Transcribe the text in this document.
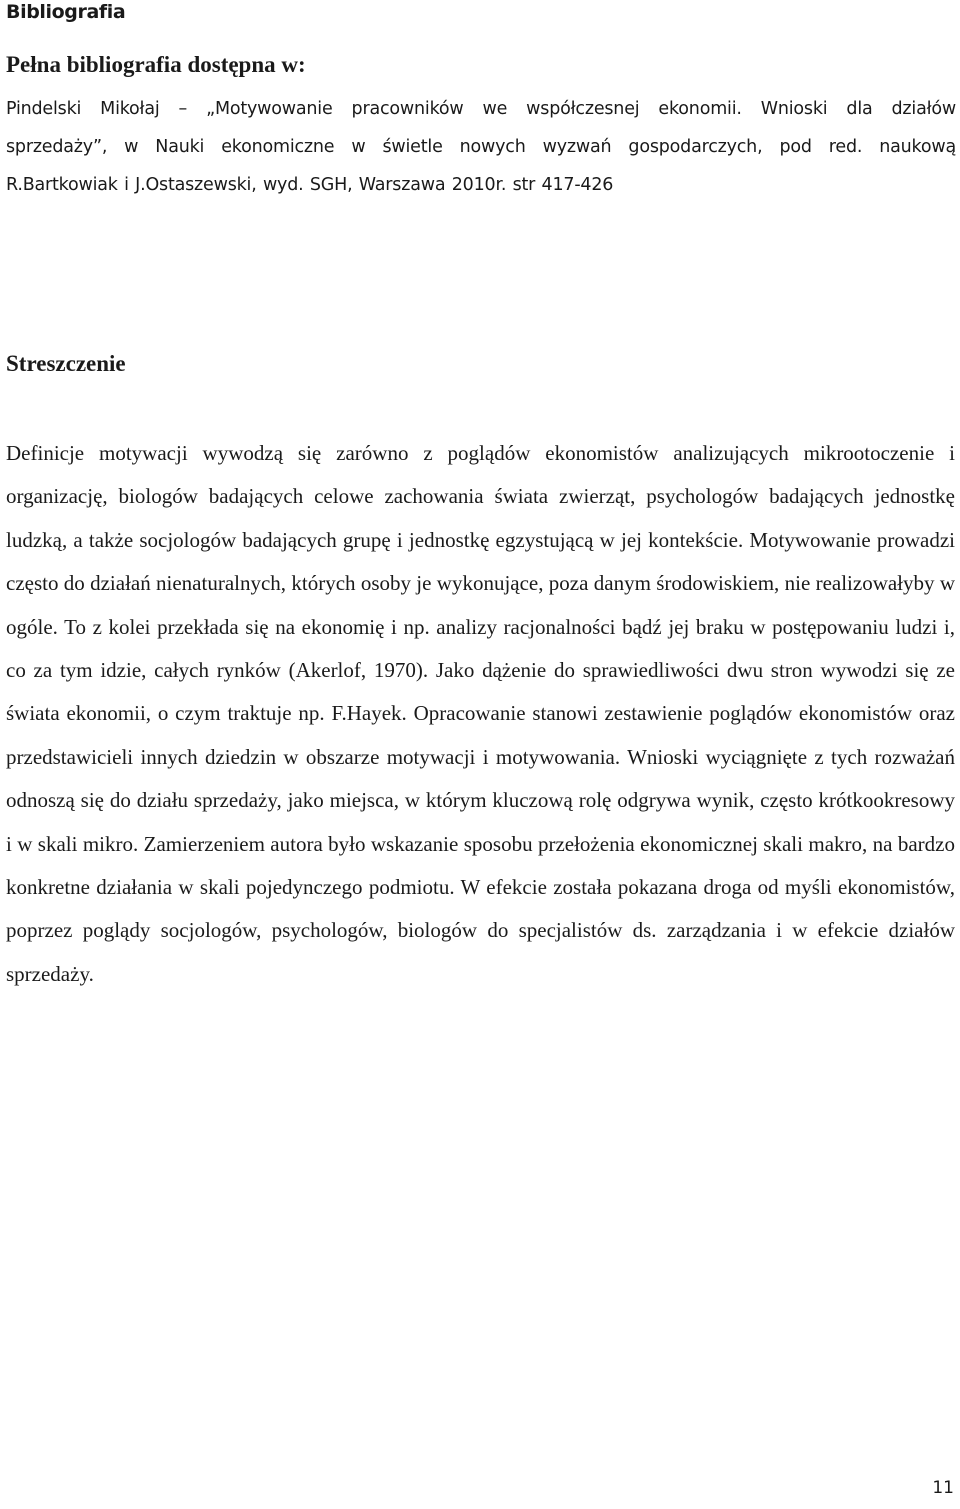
Bibliografia
Pełna bibliografia dostępna w:

Pindelski Mikołaj – „Motywowanie pracowników we współczesnej ekonomii. Wnioski dla działów
sprzedaży”, w Nauki ekonomiczne w świetle nowych wyzwań gospodarczych, pod red. naukową
R.Bartkowiak i J.Ostaszewski, wyd. SGH, Warszawa 2010r. str 417-426

Streszczenie

Definicje motywacji wywodzą się zarówno z poglądów ekonomistów analizujących mikrootoczenie i organizację, biologów badających celowe zachowania świata zwierząt, psychologów badających jednostkę ludzką, a także socjologów badających grupę i jednostkę egzystującą w jej kontekście. Motywowanie prowadzi często do działań nienaturalnych, których osoby je wykonujące, poza danym środowiskiem, nie realizowałyby w ogóle. To z kolei przekłada się na ekonomię i np. analizy racjonalności bądź jej braku w postępowaniu ludzi i, co za tym idzie, całych rynków (Akerlof, 1970). Jako dążenie do sprawiedliwości dwu stron wywodzi się ze świata ekonomii, o czym traktuje np. F.Hayek. Opracowanie stanowi zestawienie poglądów ekonomistów oraz przedstawicieli innych dziedzin w obszarze motywacji i motywowania. Wnioski wyciągnięte z tych rozważań odnoszą się do działu sprzedaży, jako miejsca, w którym kluczową rolę odgrywa wynik, często krótkookresowy i w skali mikro. Zamierzeniem autora było wskazanie sposobu przełożenia ekonomicznej skali makro, na bardzo konkretne działania w skali pojedynczego podmiotu. W efekcie została pokazana droga od myśli ekonomistów, poprzez poglądy socjologów, psychologów, biologów do specjalistów ds. zarządzania i w efekcie działów sprzedaży.

11
